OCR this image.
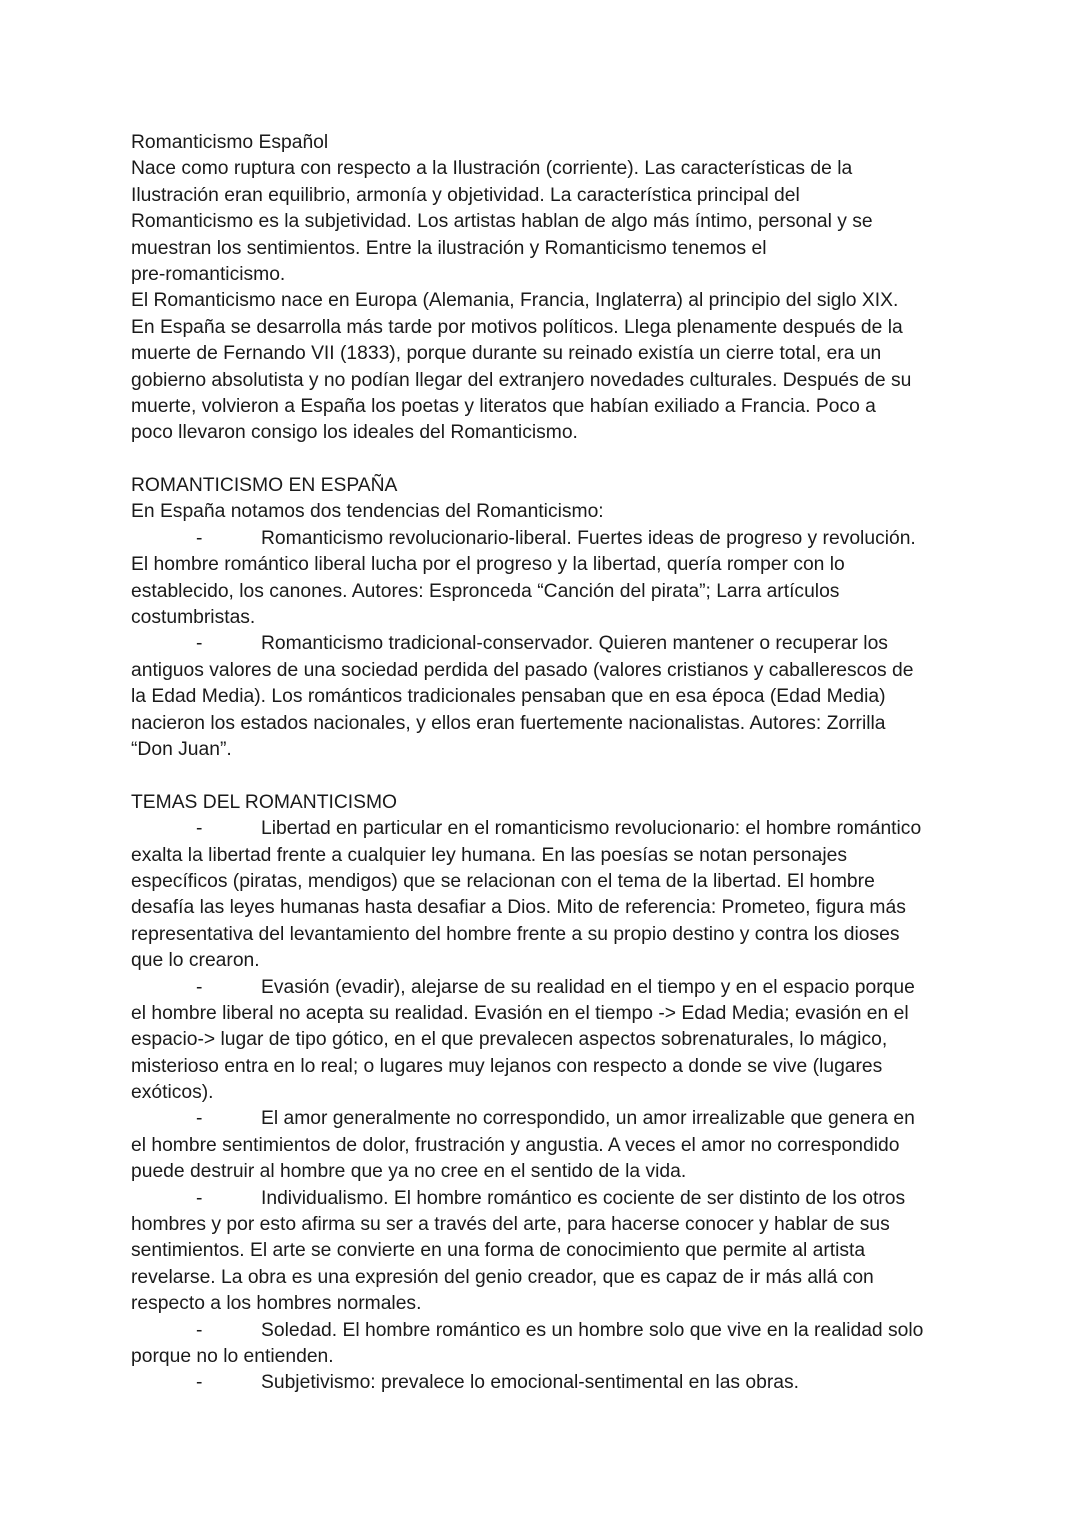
Romanticismo Español
Nace como ruptura con respecto a la Ilustración (corriente). Las características de la
Ilustración eran equilibrio, armonía y objetividad. La característica principal del
Romanticismo es la subjetividad. Los artistas hablan de algo más íntimo, personal y se
muestran los sentimientos. Entre la ilustración y Romanticismo tenemos el
pre-romanticismo.
El Romanticismo nace en Europa (Alemania, Francia, Inglaterra) al principio del siglo XIX.
En España se desarrolla más tarde por motivos políticos. Llega plenamente después de la
muerte de Fernando VII (1833), porque durante su reinado existía un cierre total, era un
gobierno absolutista y no podían llegar del extranjero novedades culturales. Después de su
muerte, volvieron a España los poetas y literatos que habían exiliado a Francia. Poco a
poco llevaron consigo los ideales del Romanticismo.
ROMANTICISMO EN ESPAÑA
En España notamos dos tendencias del Romanticismo:
-	Romanticismo revolucionario-liberal. Fuertes ideas de progreso y revolución.
El hombre romántico liberal lucha por el progreso y la libertad, quería romper con lo
establecido, los canones. Autores: Espronceda “Canción del pirata”; Larra artículos
costumbristas.
-	Romanticismo tradicional-conservador. Quieren mantener o recuperar los
antiguos valores de una sociedad perdida del pasado (valores cristianos y caballerescos de
la Edad Media). Los románticos tradicionales pensaban que en esa época (Edad Media)
nacieron los estados nacionales, y ellos eran fuertemente nacionalistas. Autores: Zorrilla
“Don Juan”.
TEMAS DEL ROMANTICISMO
-	Libertad en particular en el romanticismo revolucionario: el hombre romántico
exalta la libertad frente a cualquier ley humana. En las poesías se notan personajes
específicos (piratas, mendigos) que se relacionan con el tema de la libertad. El hombre
desafía las leyes humanas hasta desafiar a Dios. Mito de referencia: Prometeo, figura más
representativa del levantamiento del hombre frente a su propio destino y contra los dioses
que lo crearon.
-	Evasión (evadir), alejarse de su realidad en el tiempo y en el espacio porque
el hombre liberal no acepta su realidad. Evasión en el tiempo -> Edad Media; evasión en el
espacio-> lugar de tipo gótico, en el que prevalecen aspectos sobrenaturales, lo mágico,
misterioso entra en lo real; o lugares muy lejanos con respecto a donde se vive (lugares
exóticos).
-	El amor generalmente no correspondido, un amor irrealizable que genera en
el hombre sentimientos de dolor, frustración y angustia. A veces el amor no correspondido
puede destruir al hombre que ya no cree en el sentido de la vida.
-	Individualismo. El hombre romántico es cociente de ser distinto de los otros
hombres y por esto afirma su ser a través del arte, para hacerse conocer y hablar de sus
sentimientos. El arte se convierte en una forma de conocimiento que permite al artista
revelarse. La obra es una expresión del genio creador, que es capaz de ir más allá con
respecto a los hombres normales.
-	Soledad. El hombre romántico es un hombre solo que vive en la realidad solo
porque no lo entienden.
-	Subjetivismo: prevalece lo emocional-sentimental en las obras.
